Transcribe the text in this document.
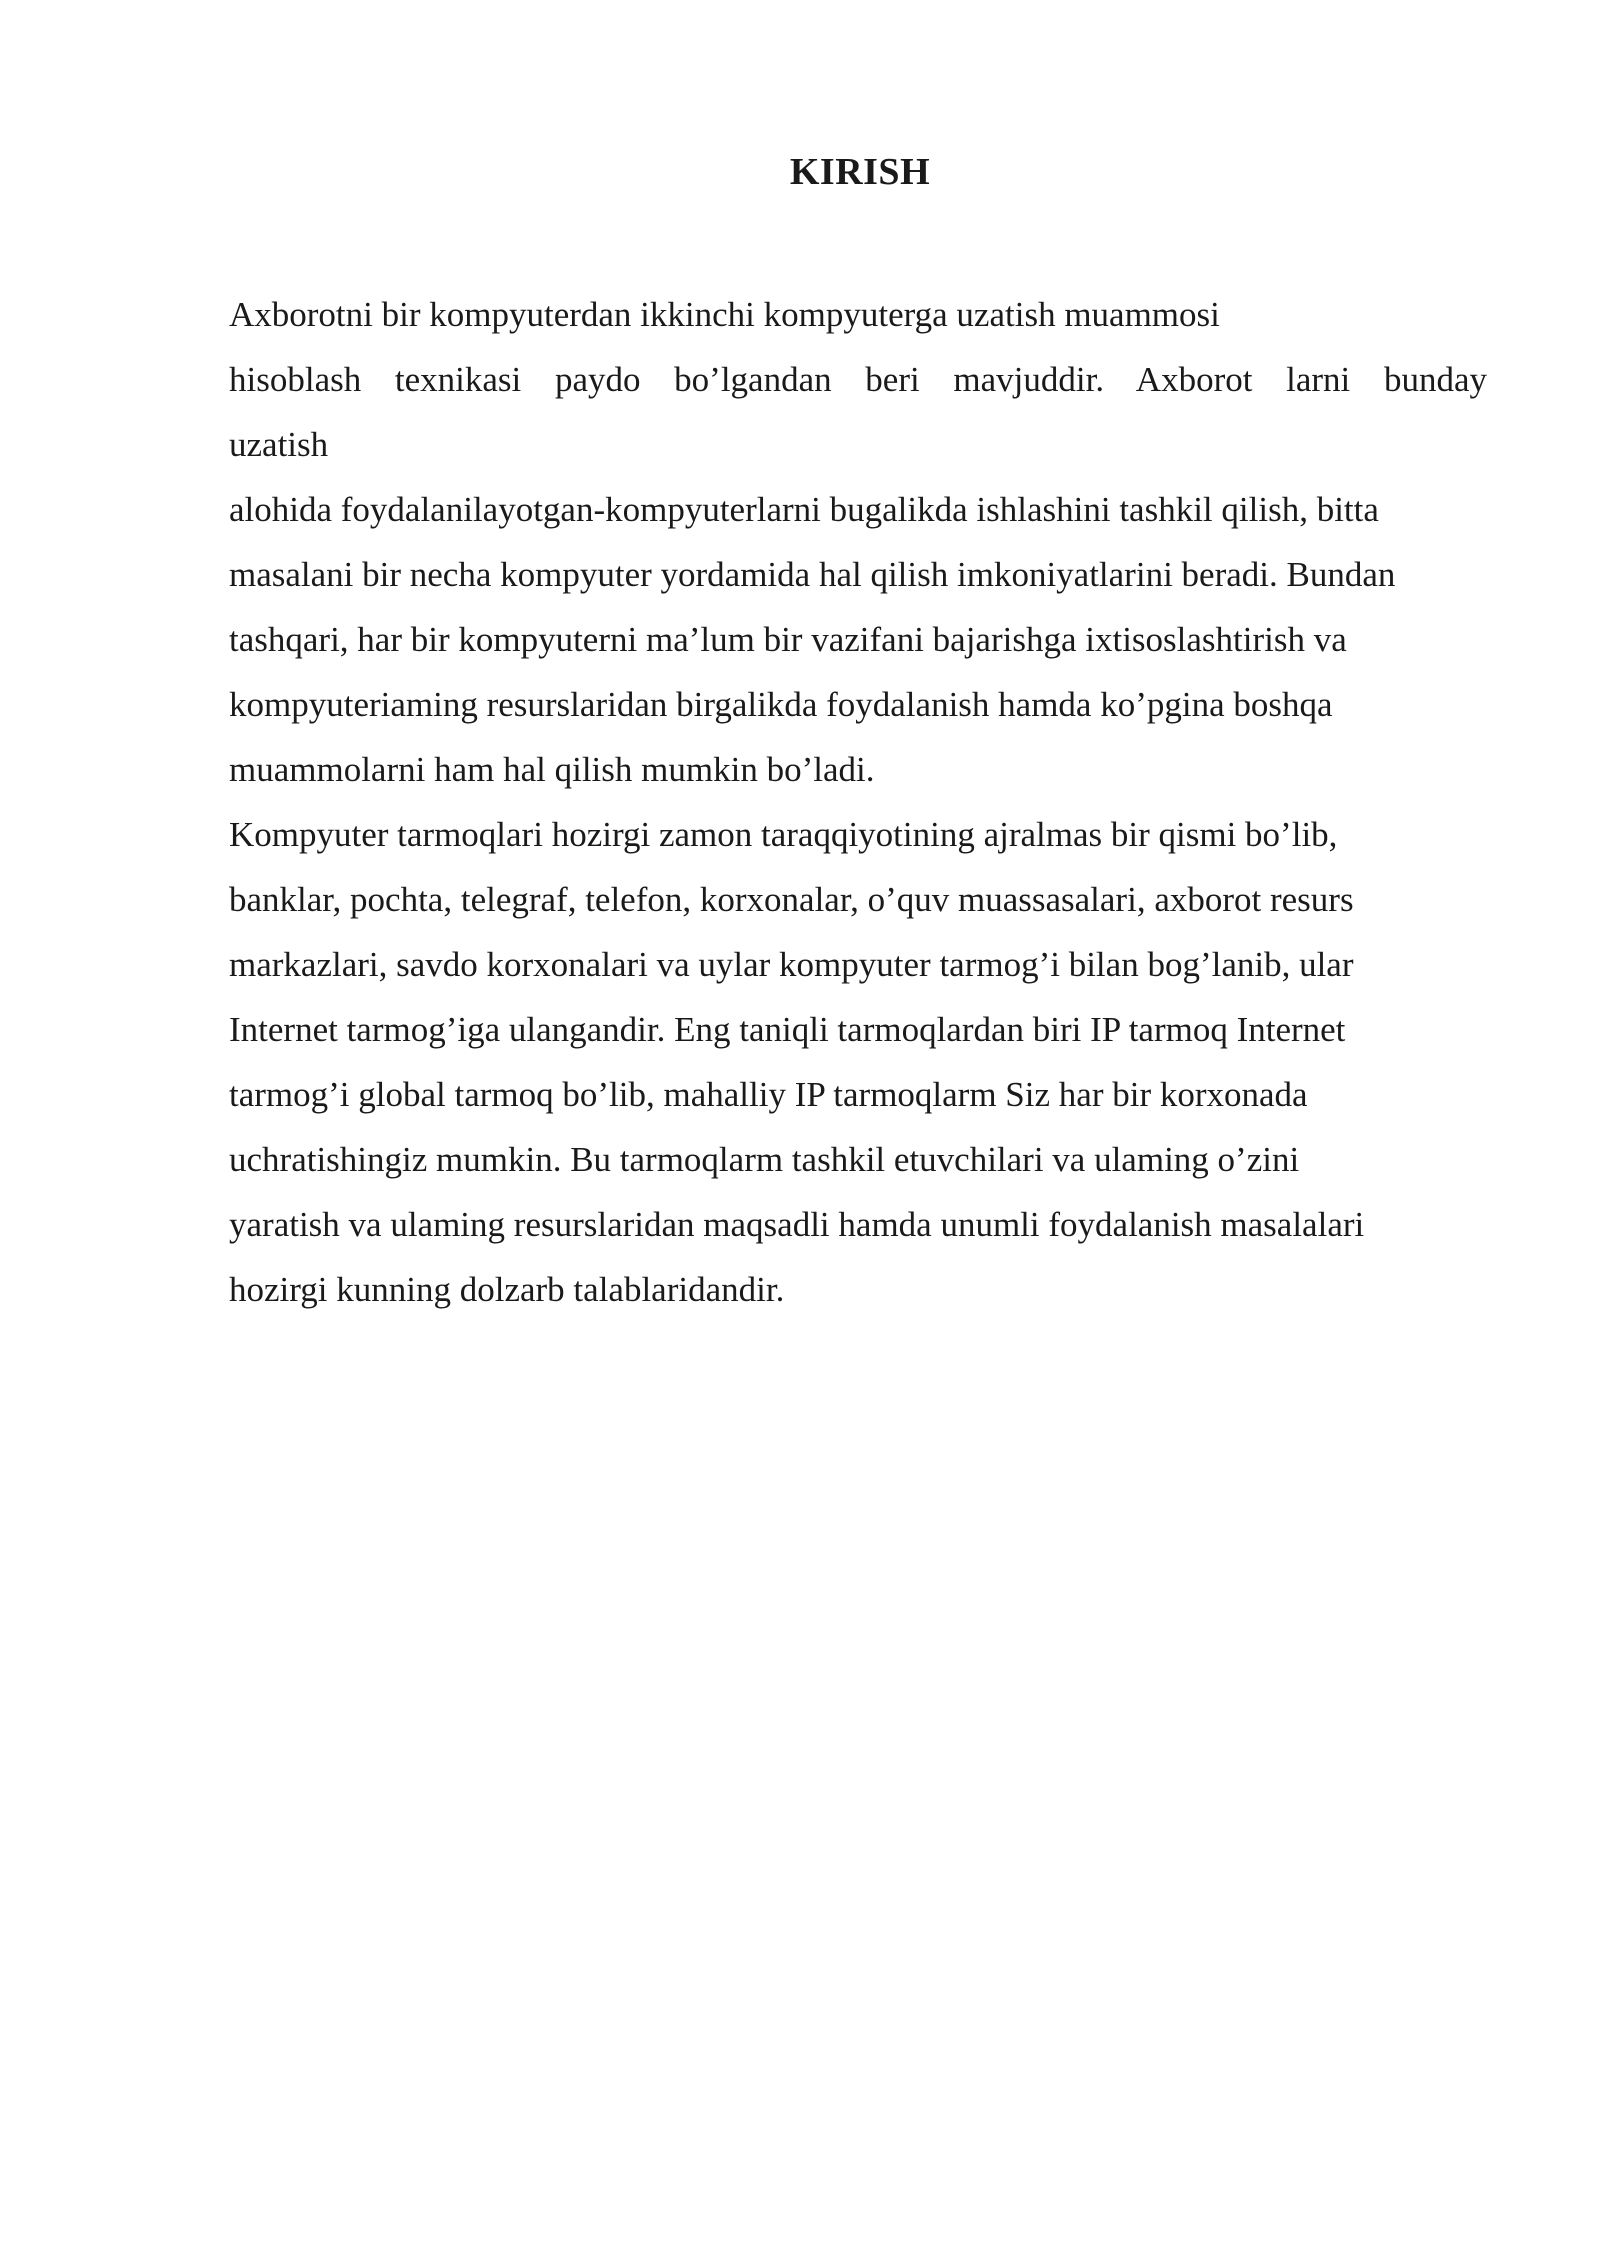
KIRISH
Axborotni bir kompyuterdan ikkinchi kompyuterga uzatish muammosi
hisoblash texnikasi paydo bo’lgandan beri mavjuddir. Axborot larni bunday
uzatish
alohida foydalanilayotgan-kompyuterlarni bugalikda ishlashini tashkil qilish, bitta
masalani bir necha kompyuter yordamida hal qilish imkoniyatlarini beradi. Bundan
tashqari, har bir kompyuterni ma’lum bir vazifani bajarishga ixtisoslashtirish va
kompyuteriaming resurslaridan birgalikda foydalanish hamda ko’pgina boshqa
muammolarni ham hal qilish mumkin bo’ladi.
Kompyuter tarmoqlari hozirgi zamon taraqqiyotining ajralmas bir qismi bo’lib,
banklar, pochta, telegraf, telefon, korxonalar, o’quv muassasalari, axborot resurs
markazlari, savdo korxonalari va uylar kompyuter tarmog’i bilan bog’lanib, ular
Internet tarmog’iga ulangandir. Eng taniqli tarmoqlardan biri IP tarmoq Internet
tarmog’i global tarmoq bo’lib, mahalliy IP tarmoqlarm Siz har bir korxonada
uchratishingiz mumkin. Bu tarmoqlarm tashkil etuvchilari va ulaming o’zini
yaratish va ulaming resurslaridan maqsadli hamda unumli foydalanish masalalari
hozirgi kunning dolzarb talablaridandir.
